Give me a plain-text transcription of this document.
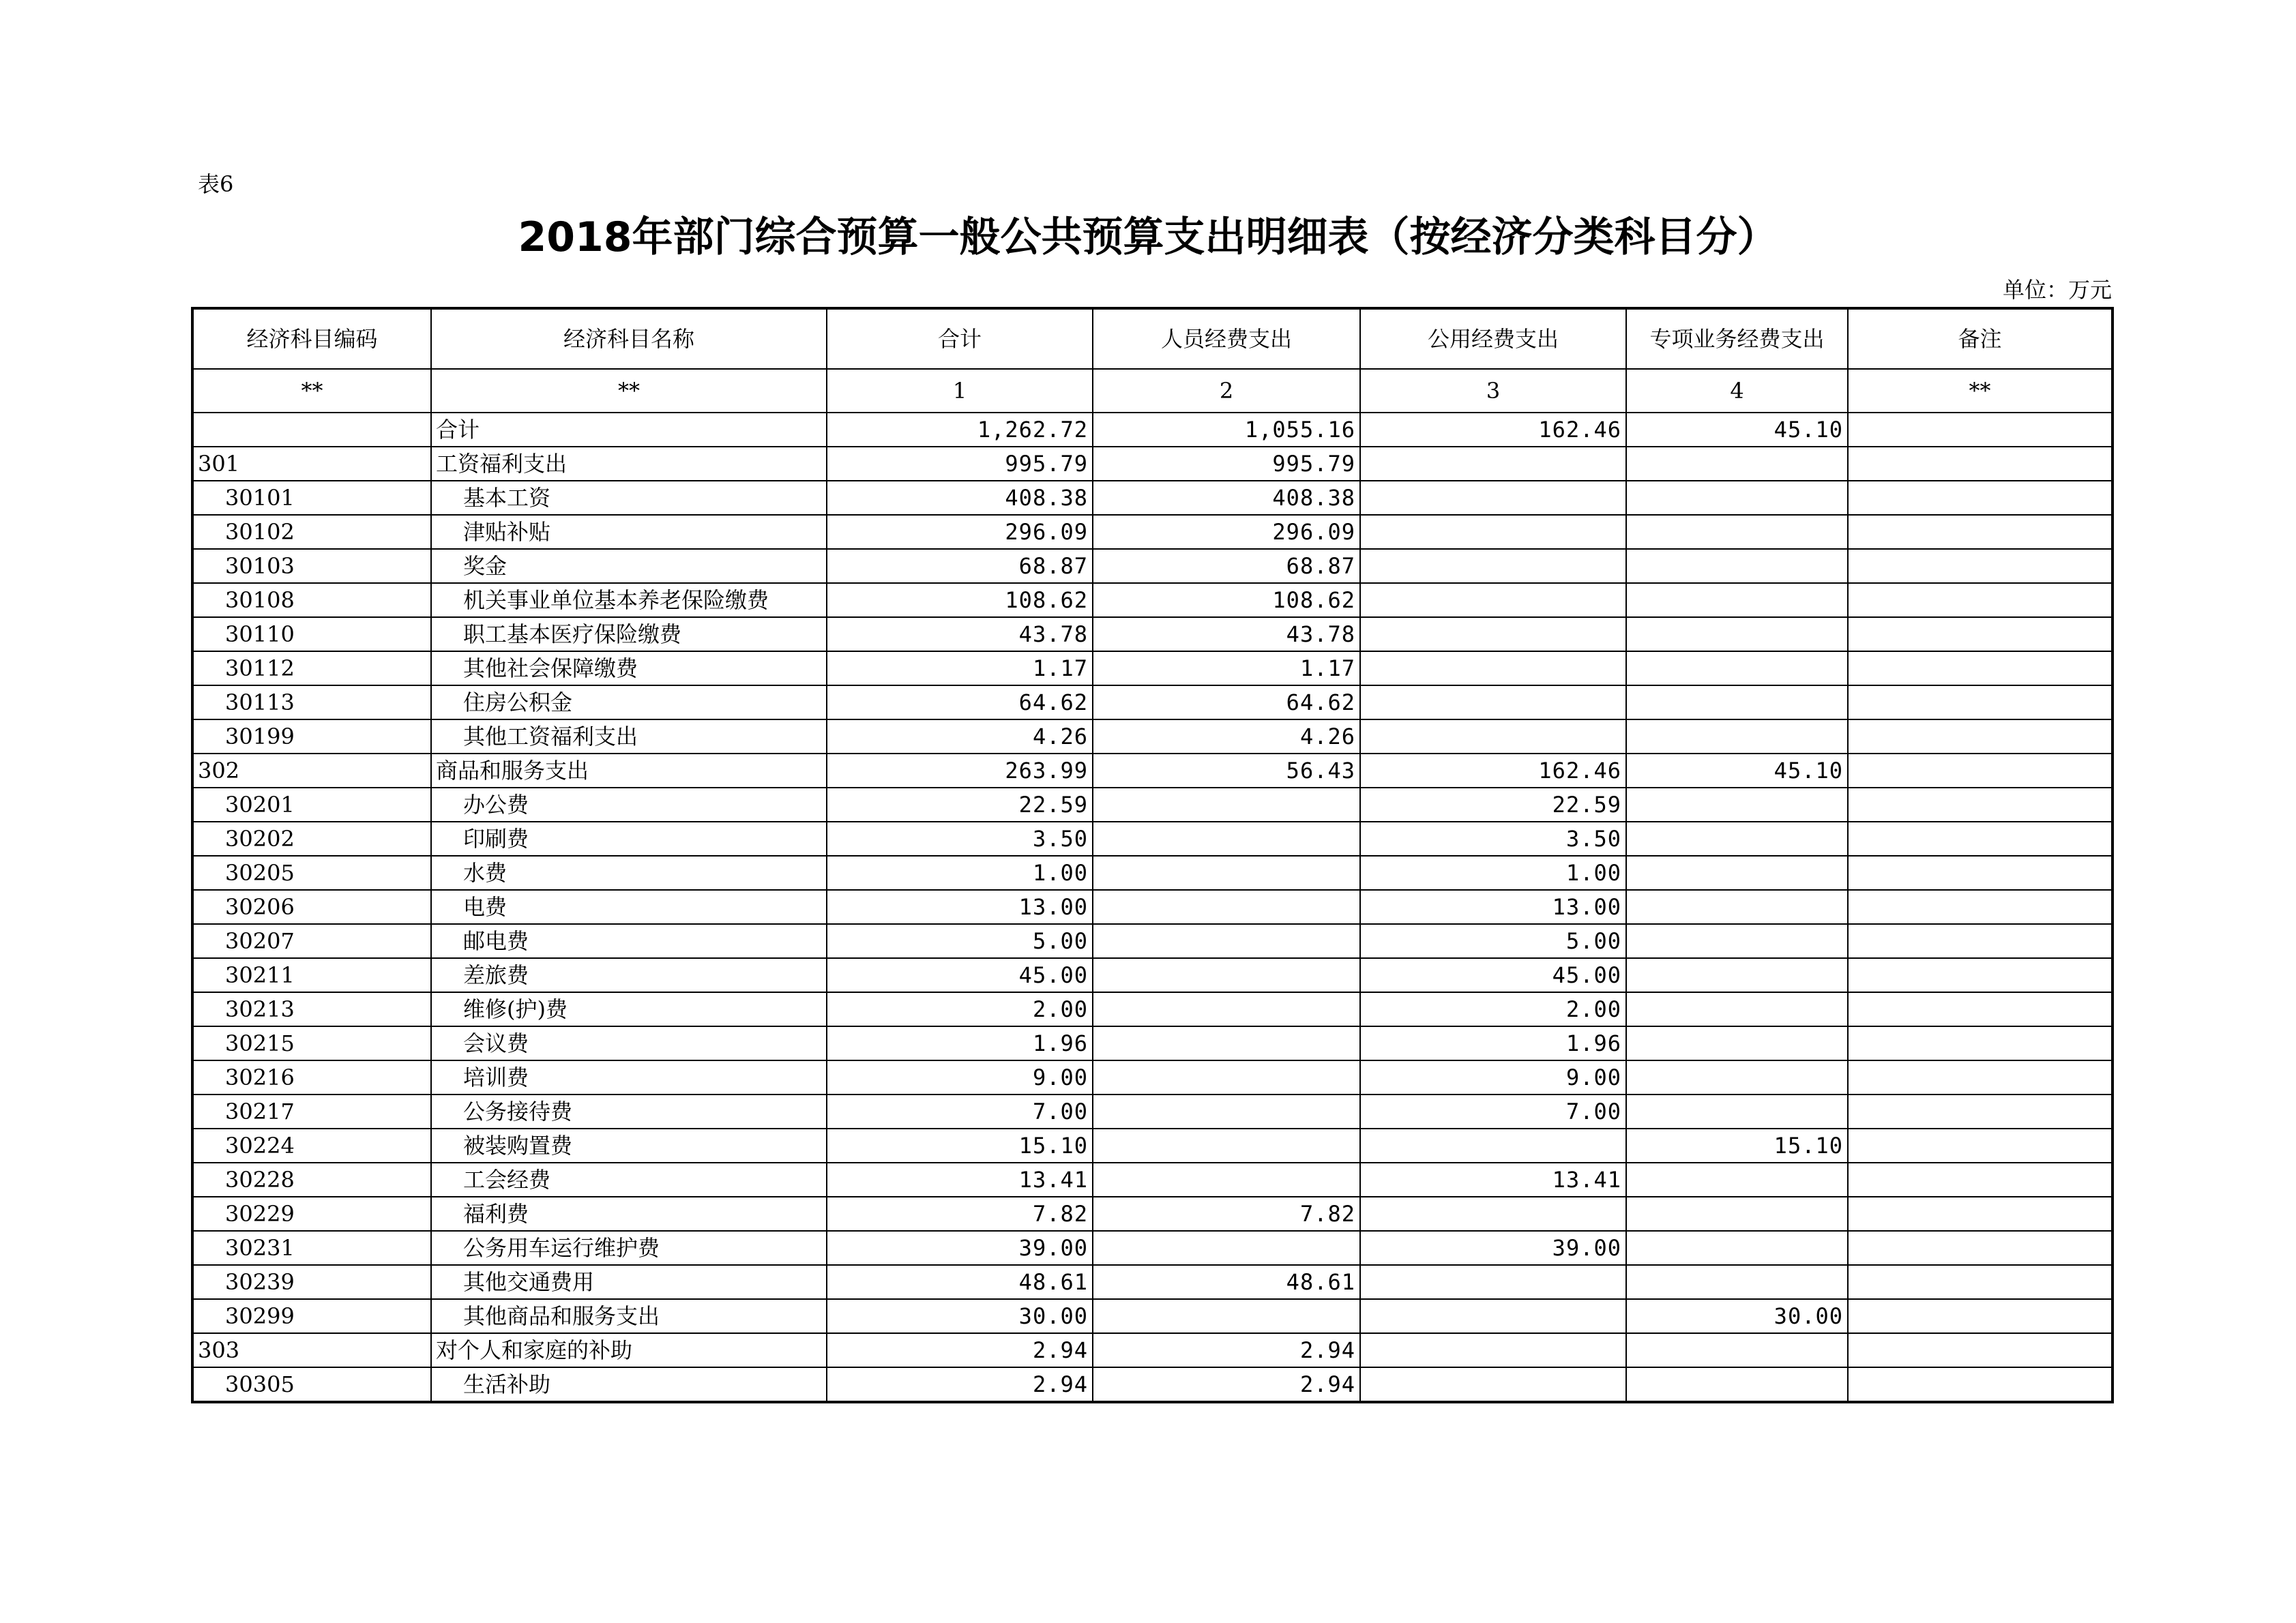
表6
2018年部门综合预算一般公共预算支出明细表（按经济分类科目分）
单位：万元
经济科目编码	经济科目名称	合计	人员经费支出	公用经费支出	专项业务经费支出	备注
**	**	1	2	3	4	**
	合计	1,262.72	1,055.16	162.46	45.10	
301	工资福利支出	995.79	995.79			
30101	基本工资	408.38	408.38			
30102	津贴补贴	296.09	296.09			
30103	奖金	68.87	68.87			
30108	机关事业单位基本养老保险缴费	108.62	108.62			
30110	职工基本医疗保险缴费	43.78	43.78			
30112	其他社会保障缴费	1.17	1.17			
30113	住房公积金	64.62	64.62			
30199	其他工资福利支出	4.26	4.26			
302	商品和服务支出	263.99	56.43	162.46	45.10	
30201	办公费	22.59		22.59		
30202	印刷费	3.50		3.50		
30205	水费	1.00		1.00		
30206	电费	13.00		13.00		
30207	邮电费	5.00		5.00		
30211	差旅费	45.00		45.00		
30213	维修(护)费	2.00		2.00		
30215	会议费	1.96		1.96		
30216	培训费	9.00		9.00		
30217	公务接待费	7.00		7.00		
30224	被装购置费	15.10			15.10	
30228	工会经费	13.41		13.41		
30229	福利费	7.82	7.82			
30231	公务用车运行维护费	39.00		39.00		
30239	其他交通费用	48.61	48.61			
30299	其他商品和服务支出	30.00			30.00	
303	对个人和家庭的补助	2.94	2.94			
30305	生活补助	2.94	2.94			
